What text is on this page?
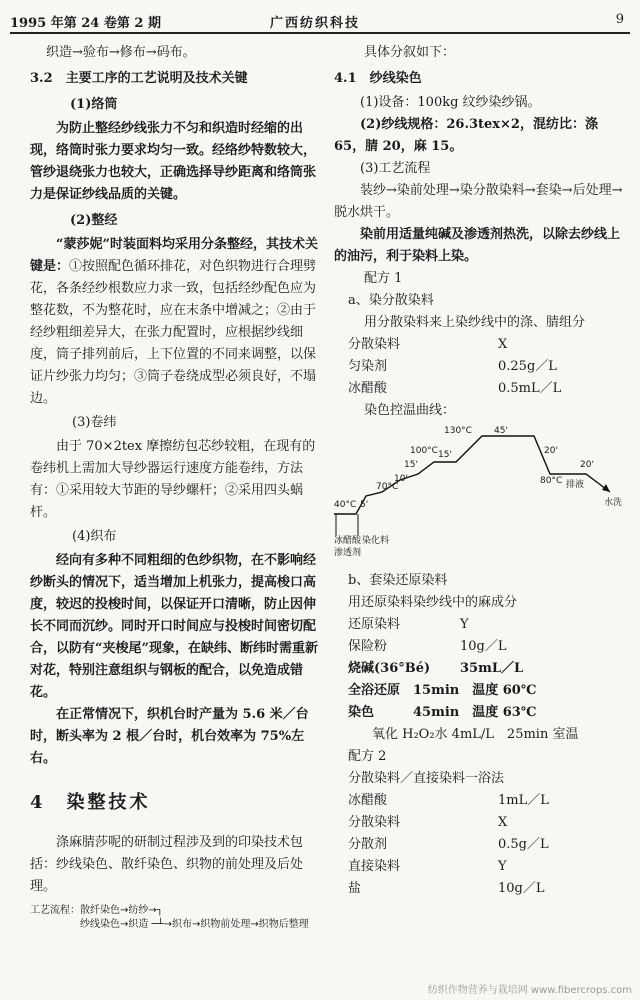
1995 年第 24 卷第 2 期	广西纺织科技	9

织造→验布→修布→码布。

3.2　主要工序的工艺说明及技术关键

(1)络筒

为防止整经纱线张力不匀和织造时经缩的出现，络筒时张力要求均匀一致。经络纱特数较大，管纱退绕张力也较大，正确选择导纱距离和络筒张力是保证纱线品质的关键。

(2)整经

“蒙莎妮”时装面料均采用分条整经，其技术关键是：①按照配色循环排花，对色织物进行合理劈花，各条经纱根数应力求一致，包括经纱配色应为整花数，不为整花时，应在末条中增减之；②由于经纱粗细差异大，在张力配置时，应根据纱线细度，筒子排列前后，上下位置的不同来调整，以保证片纱张力均匀；③筒子卷绕成型必须良好，不塌边。

(3)卷纬

由于 70×2tex 摩擦纺包芯纱较粗，在现有的卷纬机上需加大导纱器运行速度方能卷纬，方法有：①采用较大节距的导纱螺杆；②采用四头蜗杆。

(4)织布

经向有多种不同粗细的色纱织物，在不影响经纱断头的情况下，适当增加上机张力，提高梭口高度，较迟的投梭时间，以保证开口清晰，防止因伸长不同而沉纱。同时开口时间应与投梭时间密切配合，以防有“夹梭尾”现象，在缺纬、断纬时需重新对花，特别注意组织与钢板的配合，以免造成错花。

在正常情况下，织机台时产量为 5.6 米／台时，断头率为 2 根／台时，机台效率为 75%左右。

4　染整技术

涤麻腈莎呢的研制过程涉及到的印染技术包括：纱线染色、散纤染色、织物的前处理及后处理。

工艺流程：散纤染色→纺纱→┐
　　　　　纱线染色→织造 ─┴→织布→织物前处理→织物后整理

具体分叙如下：

4.1　纱线染色

(1)设备：100kg 纹纱染纱锅。

(2)纱线规格：26.3tex×2，混纺比：涤 65，腈 20，麻 15。

(3)工艺流程

装纱→染前处理→染分散染料→套染→后处理→脱水烘干。

染前用适量纯碱及渗透剂热洗，以除去纱线上的油污，利于染料上染。

配方 1

a、染分散染料

用分散染料来上染纱线中的涤、腈组分

分散染料	X
匀染剂	0.25g／L
冰醋酸	0.5mL／L

染色控温曲线：

40°C 5'
70°C
10'
15'
100°C 15'
130°C 45'
20'
80°C
20'
排液
水洗
冰醋酸
渗透剂
染化料

b、套染还原染料

用还原染料染纱线中的麻成分

还原染料	Y
保险粉	10g／L
烧碱(36°Bé)	35mL／L

全浴还原　15min　温度 60℃

染色　　　45min　温度 63℃

氧化 H₂O₂水 4mL/L　25min 室温

配方 2

分散染料／直接染料一浴法

冰醋酸	1mL／L
分散染料	X
分散剂	0.5g／L
直接染料	Y
盐	10g／L
纺织作物营养与栽培网 www.fibercrops.com
